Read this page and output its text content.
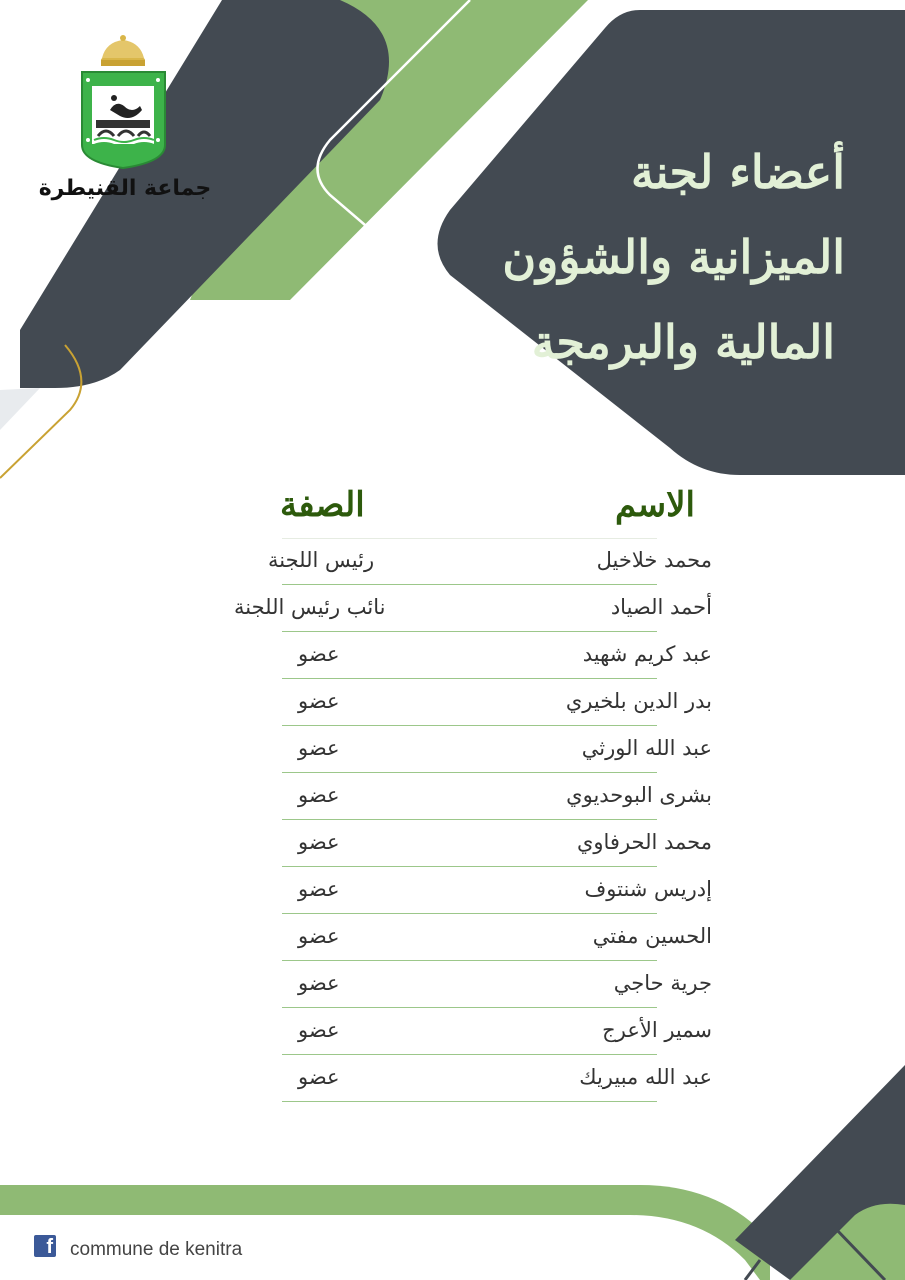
جماعة القنيطرة	أعضاء لجنة
الميزانية والشؤون
المالية والبرمجة
الاسم
الصفة
محمد خلاخيل
رئيس اللجنة
أحمد الصياد
نائب رئيس اللجنة
عبد كريم شهيد
عضو
بدر الدين بلخيري
عضو
عبد الله الورثي
عضو
بشرى البوحديوي
عضو
محمد الحرفاوي
عضو
إدريس شنتوف
عضو
الحسين مفتي
عضو
جرية حاجي
عضو
سمير الأعرج
عضو
عبد الله مبيريك
عضو
f commune de kenitra
